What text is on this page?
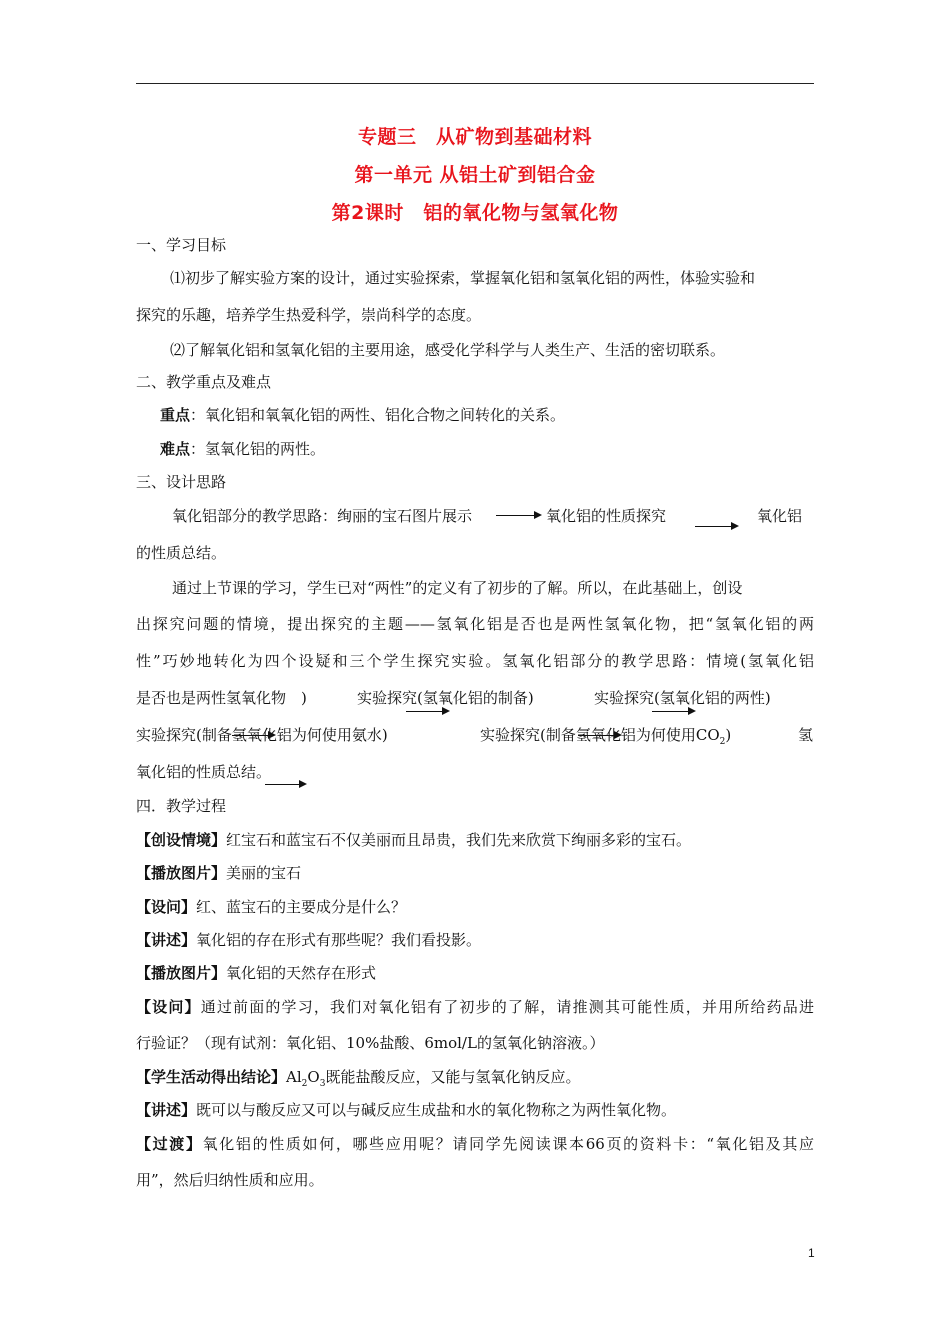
专题三　从矿物到基础材料
第一单元 从铝土矿到铝合金
第2课时　铝的氧化物与氢氧化物
一、学习目标
⑴初步了解实验方案的设计，通过实验探索，掌握氧化铝和氢氧化铝的两性，体验实验和
探究的乐趣，培养学生热爱科学，崇尚科学的态度。
⑵了解氧化铝和氢氧化铝的主要用途，感受化学科学与人类生产、生活的密切联系。
二、教学重点及难点
重点：氧化铝和氧氧化铝的两性、铝化合物之间转化的关系。
难点：氢氧化铝的两性。
三、设计思路
氧化铝部分的教学思路：绚丽的宝石图片展示	氧化铝的性质探究	氧化铝
的性质总结。
通过上节课的学习，学生已对“两性”的定义有了初步的了解。所以，在此基础上，创设
出探究问题的情境，提出探究的主题——氢氧化铝是否也是两性氢氧化物，把“氢氧化铝的两
性”巧妙地转化为四个设疑和三个学生探究实验。氢氧化铝部分的教学思路：情境(氢氧化铝
是否也是两性氢氧化物　)	实验探究(氢氧化铝的制备)	实验探究(氢氧化铝的两性)
实验探究(制备氢氧化铝为何使用氨水)	实验探究(制备氢氧化铝为何使用$CO_2$)	氢
氧化铝的性质总结。
四．教学过程
【创设情境】红宝石和蓝宝石不仅美丽而且昂贵，我们先来欣赏下绚丽多彩的宝石。
【播放图片】美丽的宝石
【设问】红、蓝宝石的主要成分是什么？
【讲述】氧化铝的存在形式有那些呢？我们看投影。
【播放图片】氧化铝的天然存在形式
【设问】通过前面的学习，我们对氧化铝有了初步的了解，请推测其可能性质，并用所给药品进
行验证？（现有试剂：氧化铝、10%盐酸、6mol/L的氢氧化钠溶液。）
【学生活动得出结论】$Al_2O_3$既能盐酸反应，又能与氢氧化钠反应。
【讲述】既可以与酸反应又可以与碱反应生成盐和水的氧化物称之为两性氧化物。
【过渡】氧化铝的性质如何，哪些应用呢？请同学先阅读课本66页的资料卡：“氧化铝及其应
用”，然后归纳性质和应用。
1
